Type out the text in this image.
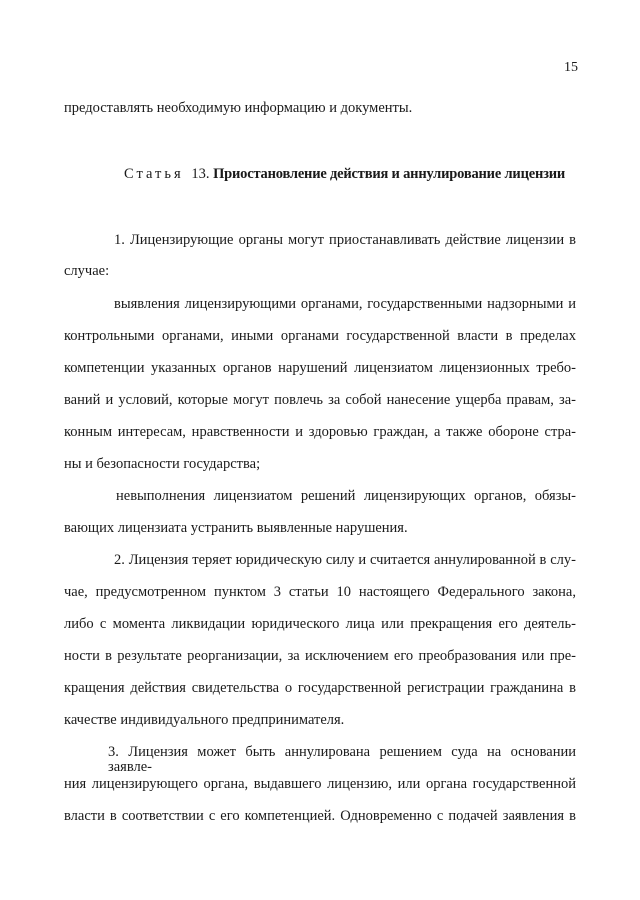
15
предоставлять необходимую информацию и документы.
Статья 13. Приостановление действия и аннулирование лицензии
1. Лицензирующие органы могут приостанавливать действие лицензии в
случае:
выявления лицензирующими органами, государственными надзорными и
контрольными органами, иными органами государственной власти в пределах
компетенции указанных органов нарушений лицензиатом лицензионных требо-
ваний и условий, которые могут повлечь за собой нанесение ущерба правам, за-
конным интересам, нравственности и здоровью граждан, а также обороне стра-
ны и безопасности государства;
невыполнения лицензиатом решений лицензирующих органов, обязы-
вающих лицензиата устранить выявленные нарушения.
2. Лицензия теряет юридическую силу и считается аннулированной в слу-
чае, предусмотренном пунктом 3 статьи 10 настоящего Федерального закона,
либо с момента ликвидации юридического лица или прекращения его деятель-
ности в результате реорганизации, за исключением его преобразования или пре-
кращения действия свидетельства о государственной регистрации гражданина в
качестве индивидуального предпринимателя.
3. Лицензия может быть аннулирована решением суда на основании заявле-
ния лицензирующего органа, выдавшего лицензию, или органа государственной
власти в соответствии с его компетенцией. Одновременно с подачей заявления в
